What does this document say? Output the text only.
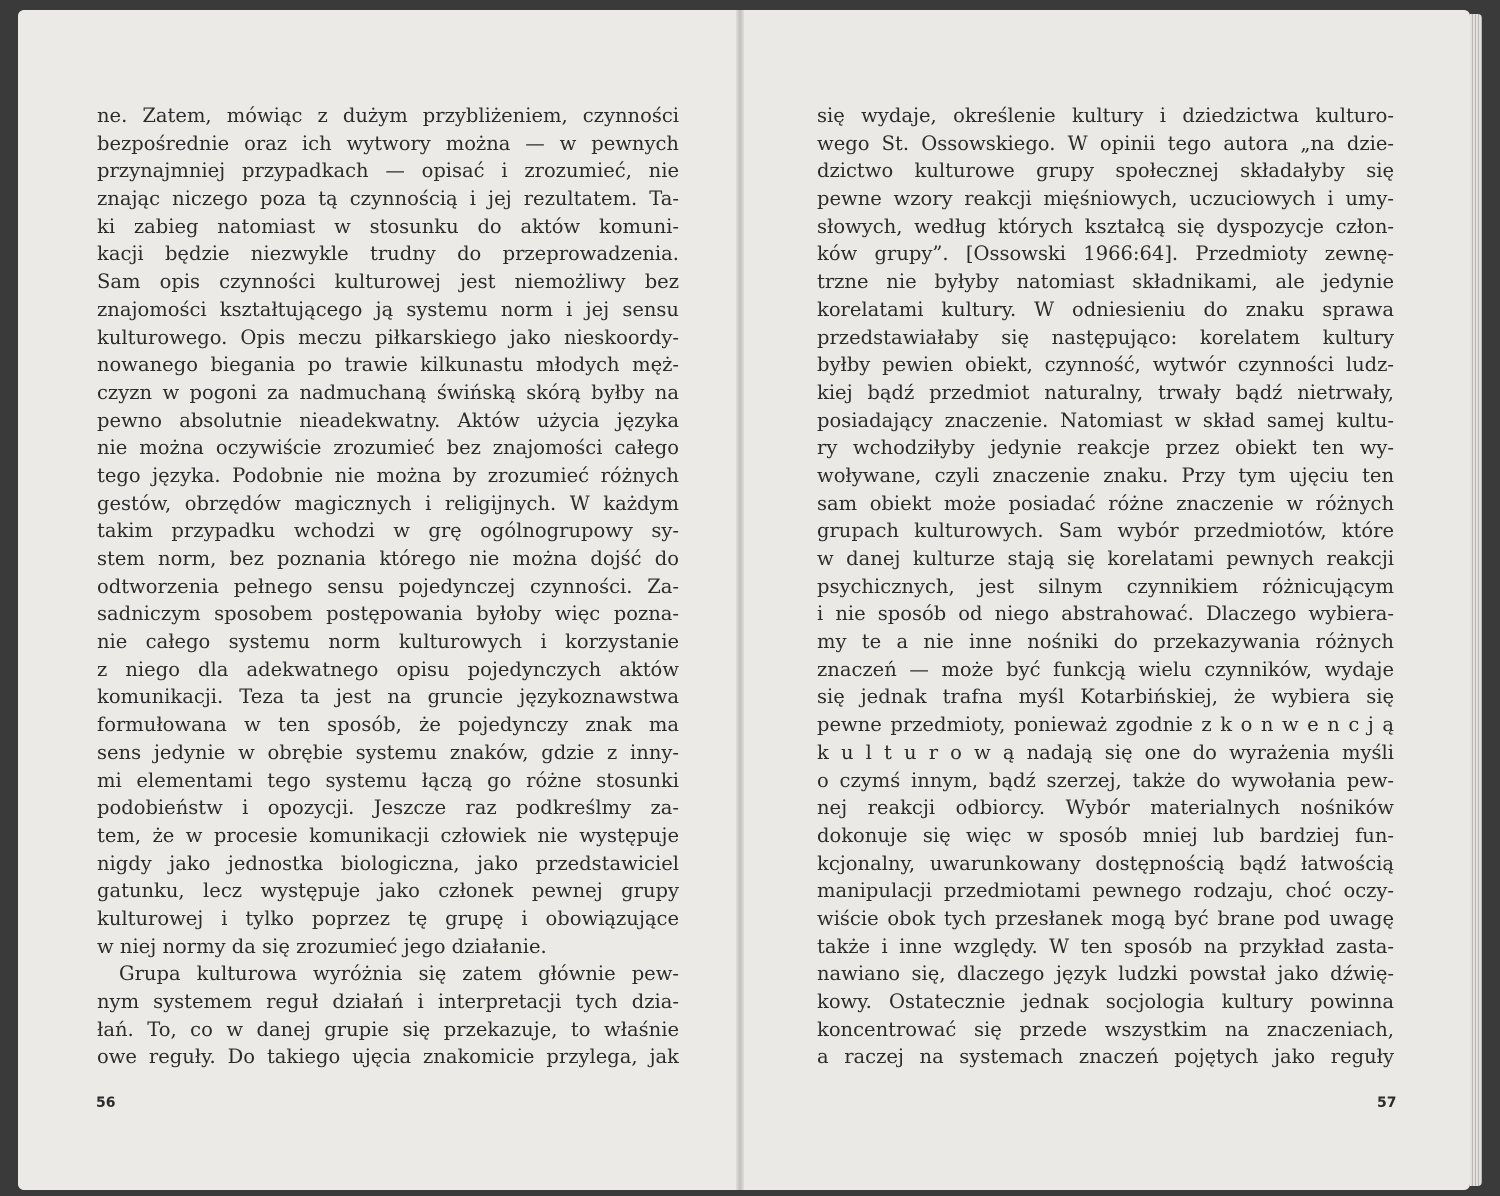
ne. Zatem, mówiąc z dużym przybliżeniem, czynności
bezpośrednie oraz ich wytwory można — w pewnych
przynajmniej przypadkach — opisać i zrozumieć, nie
znając niczego poza tą czynnością i jej rezultatem. Ta-
ki zabieg natomiast w stosunku do aktów komuni-
kacji będzie niezwykle trudny do przeprowadzenia.
Sam opis czynności kulturowej jest niemożliwy bez
znajomości kształtującego ją systemu norm i jej sensu
kulturowego. Opis meczu piłkarskiego jako nieskoordy-
nowanego biegania po trawie kilkunastu młodych męż-
czyzn w pogoni za nadmuchaną świńską skórą byłby na
pewno absolutnie nieadekwatny. Aktów użycia języka
nie można oczywiście zrozumieć bez znajomości całego
tego języka. Podobnie nie można by zrozumieć różnych
gestów, obrzędów magicznych i religijnych. W każdym
takim przypadku wchodzi w grę ogólnogrupowy sy-
stem norm, bez poznania którego nie można dojść do
odtworzenia pełnego sensu pojedynczej czynności. Za-
sadniczym sposobem postępowania byłoby więc pozna-
nie całego systemu norm kulturowych i korzystanie
z niego dla adekwatnego opisu pojedynczych aktów
komunikacji. Teza ta jest na gruncie językoznawstwa
formułowana w ten sposób, że pojedynczy znak ma
sens jedynie w obrębie systemu znaków, gdzie z inny-
mi elementami tego systemu łączą go różne stosunki
podobieństw i opozycji. Jeszcze raz podkreślmy za-
tem, że w procesie komunikacji człowiek nie występuje
nigdy jako jednostka biologiczna, jako przedstawiciel
gatunku, lecz występuje jako członek pewnej grupy
kulturowej i tylko poprzez tę grupę i obowiązujące
w niej normy da się zrozumieć jego działanie.
Grupa kulturowa wyróżnia się zatem głównie pew-
nym systemem reguł działań i interpretacji tych dzia-
łań. To, co w danej grupie się przekazuje, to właśnie
owe reguły. Do takiego ujęcia znakomicie przylega, jak
56
się wydaje, określenie kultury i dziedzictwa kulturo-
wego St. Ossowskiego. W opinii tego autora „na dzie-
dzictwo kulturowe grupy społecznej składałyby się
pewne wzory reakcji mięśniowych, uczuciowych i umy-
słowych, według których kształcą się dyspozycje człon-
ków grupy”. [Ossowski 1966:64]. Przedmioty zewnę-
trzne nie byłyby natomiast składnikami, ale jedynie
korelatami kultury. W odniesieniu do znaku sprawa
przedstawiałaby się następująco: korelatem kultury
byłby pewien obiekt, czynność, wytwór czynności ludz-
kiej bądź przedmiot naturalny, trwały bądź nietrwały,
posiadający znaczenie. Natomiast w skład samej kultu-
ry wchodziłyby jedynie reakcje przez obiekt ten wy-
woływane, czyli znaczenie znaku. Przy tym ujęciu ten
sam obiekt może posiadać różne znaczenie w różnych
grupach kulturowych. Sam wybór przedmiotów, które
w danej kulturze stają się korelatami pewnych reakcji
psychicznych, jest silnym czynnikiem różnicującym
i nie sposób od niego abstrahować. Dlaczego wybiera-
my te a nie inne nośniki do przekazywania różnych
znaczeń — może być funkcją wielu czynników, wydaje
się jednak trafna myśl Kotarbińskiej, że wybiera się
pewne przedmioty, ponieważ zgodnie z k o n w e n c j ą
k u l t u r o w ą nadają się one do wyrażenia myśli
o czymś innym, bądź szerzej, także do wywołania pew-
nej reakcji odbiorcy. Wybór materialnych nośników
dokonuje się więc w sposób mniej lub bardziej fun-
kcjonalny, uwarunkowany dostępnością bądź łatwością
manipulacji przedmiotami pewnego rodzaju, choć oczy-
wiście obok tych przesłanek mogą być brane pod uwagę
także i inne względy. W ten sposób na przykład zasta-
nawiano się, dlaczego język ludzki powstał jako dźwię-
kowy. Ostatecznie jednak socjologia kultury powinna
koncentrować się przede wszystkim na znaczeniach,
a raczej na systemach znaczeń pojętych jako reguły
57
